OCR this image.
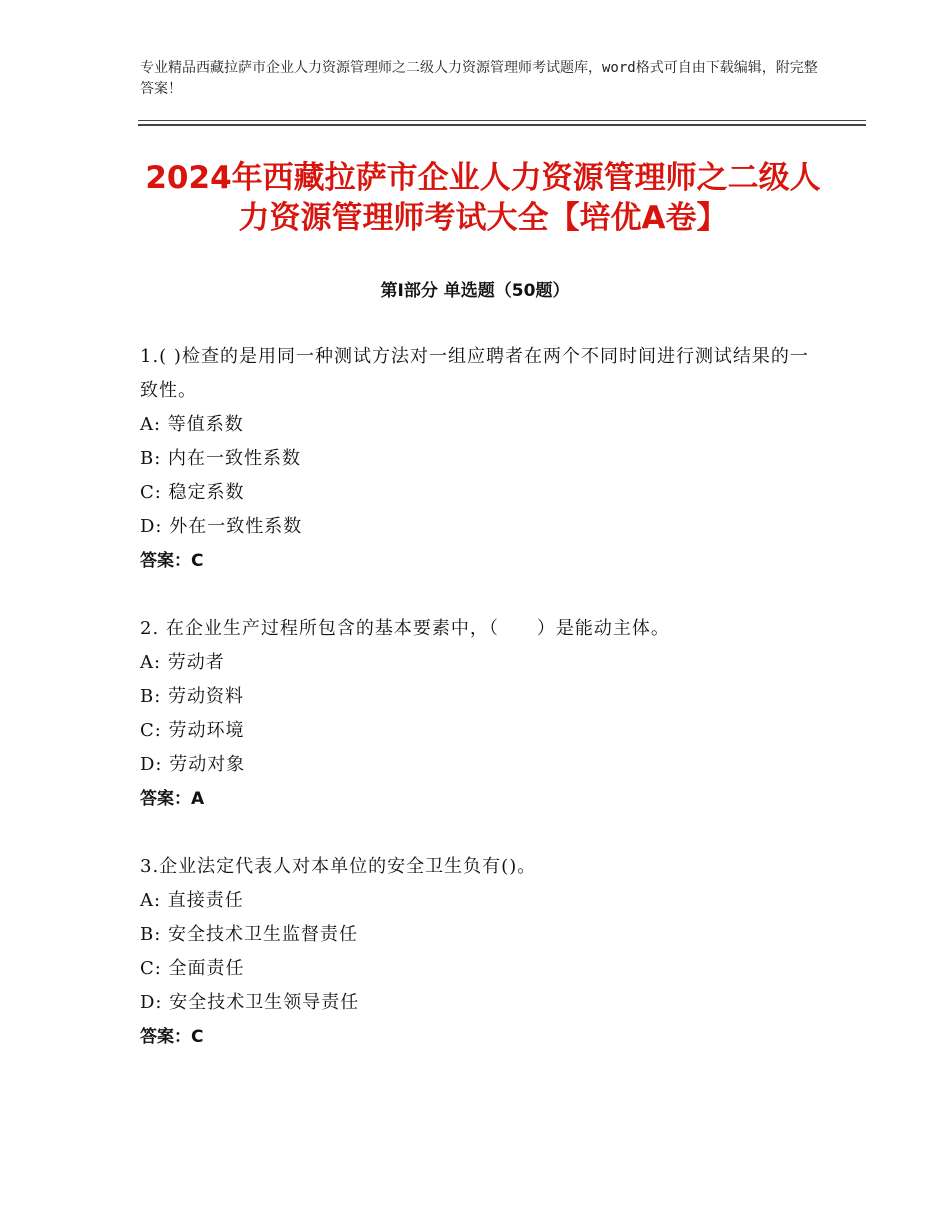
专业精品西藏拉萨市企业人力资源管理师之二级人力资源管理师考试题库，word格式可自由下载编辑，附完整答案！
2024年西藏拉萨市企业人力资源管理师之二级人力资源管理师考试大全【培优A卷】
第Ⅰ部分 单选题（50题）
1.( )检查的是用同一种测试方法对一组应聘者在两个不同时间进行测试结果的一致性。
A: 等值系数
B: 内在一致性系数
C: 稳定系数
D: 外在一致性系数
答案：C
2. 在企业生产过程所包含的基本要素中，（　　）是能动主体。
A: 劳动者
B: 劳动资料
C: 劳动环境
D: 劳动对象
答案：A
3.企业法定代表人对本单位的安全卫生负有()。
A: 直接责任
B: 安全技术卫生监督责任
C: 全面责任
D: 安全技术卫生领导责任
答案：C
